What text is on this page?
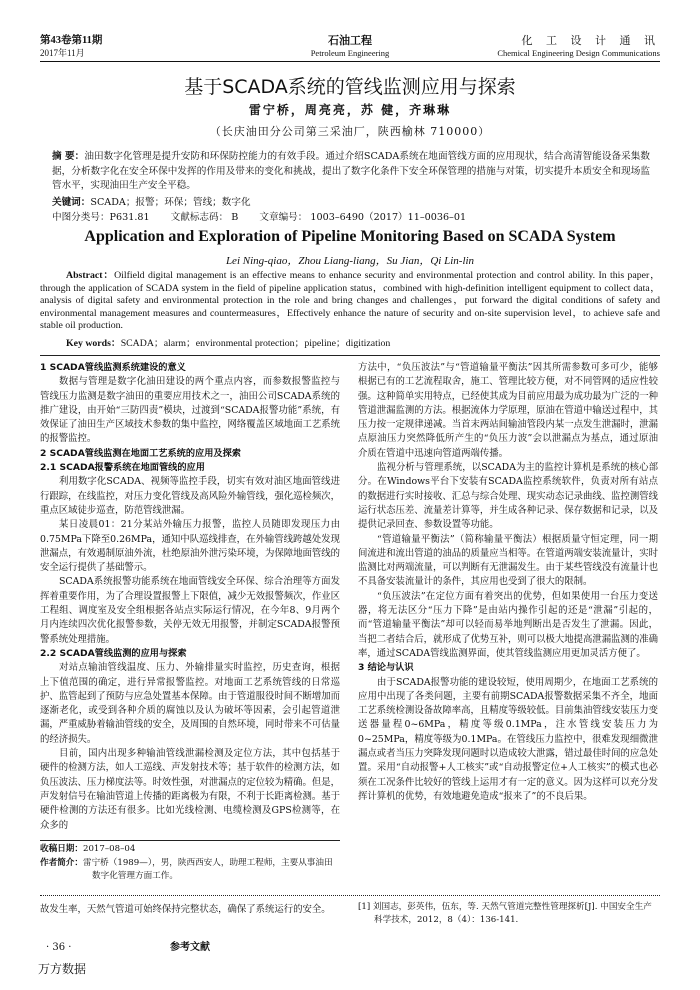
第43卷第11期
2017年11月
石油工程
Petroleum Engineering
化 工 设 计 通 讯
Chemical Engineering Design Communications
基于SCADA系统的管线监测应用与探索
雷宁桥，周亮亮，苏 健，齐琳琳
（长庆油田分公司第三采油厂，陕西榆林 710000）
摘 要：油田数字化管理是提升安防和环保防控能力的有效手段。通过介绍SCADA系统在地面管线方面的应用现状，结合高清智能设备采集数据，分析数字化在安全环保中发挥的作用及带来的变化和挑战，提出了数字化条件下安全环保管理的措施与对策，切实提升本质安全和现场监管水平，实现油田生产安全平稳。
关键词：SCADA；报警；环保；管线；数字化
中图分类号：P631.81 文献标志码： B 文章编号： 1003–6490（2017）11–0036–01
Application and Exploration of Pipeline Monitoring Based on SCADA System
Lei Ning-qiao，Zhou Liang-liang，Su Jian，Qi Lin-lin
Abstract：Oilfield digital management is an effective means to enhance security and environmental protection and control ability. In this paper，through the application of SCADA system in the field of pipeline application status，combined with high-definition intelligent equipment to collect data，analysis of digital safety and environmental protection in the role and bring changes and challenges，put forward the digital conditions of safety and environmental management measures and countermeasures，Effectively enhance the nature of security and on-site supervision level，to achieve safe and stable oil production.
Key words：SCADA；alarm；environmental protection；pipeline；digitization

1 SCADA管线监测系统建设的意义

数据与管理是数字化油田建设的两个重点内容，而参数报警监控与管线压力监测是数字油田的重要应用技术之一，油田公司SCADA系统的推广建设，由开始“三防四责”模块，过渡到“SCADA报警功能”系统，有效保证了油田生产区域技术参数的集中监控，网络覆盖区域地面工艺系统的报警监控。

2 SCADA管线监测在地面工艺系统的应用及探索

2.1 SCADA报警系统在地面管线的应用

利用数字化SCADA、视频等监控手段，切实有效对油区地面管线进行跟踪，在线监控，对压力变化管线及高风险外输管线，强化巡检频次，重点区域徒步巡查，防范管线泄漏。

某日凌晨01：21分某站外输压力报警，监控人员随即发现压力由0.75MPa下降至0.26MPa，通知中队巡线排查，在外输管线跨越处发现泄漏点，有效遏制原油外流，杜绝原油外泄污染环境，为保障地面管线的安全运行提供了基础警示。

SCADA系统报警功能系统在地面管线安全环保、综合治理等方面发挥着重要作用，为了合理设置报警上下限值，减少无效报警频次，作业区工程组、调度室及安全组根据各站点实际运行情况，在今年8、9月两个月内连续四次优化报警参数，关停无效无用报警，并制定SCADA报警预警系统处理措施。

2.2 SCADA管线监测的应用与探索

对站点输油管线温度、压力、外输排量实时监控，历史查询，根据上下值范围的确定，进行异常报警监控。对地面工艺系统管线的日常巡护、监管起到了预防与应急处置基本保障。由于管道服役时间不断增加而逐渐老化，或受到各种介质的腐蚀以及认为破坏等因素，会引起管道泄漏，严重威胁着输油管线的安全，及周围的自然环境，同时带来不可估量的经济损失。

目前，国内出现多种输油管线泄漏检测及定位方法，其中包括基于硬件的检测方法，如人工巡线、声发射技术等；基于软件的检测方法，如负压波法、压力梯度法等。时效性强，对泄漏点的定位较为精确。但是，声发射信号在输油管道上传播的距离极为有限，不利于长距离检测。基于硬件检测的方法还有很多。比如光线检测、电缆检测及GPS检测等，在众多的

方法中，“负压波法”与“管道输量平衡法”因其所需参数可多可少，能够根据已有的工艺流程取舍，施工、管理比较方便，对不同管网的适应性较强。这种简单实用特点，已经使其成为目前应用最为成功最为广泛的一种管道泄漏监测的方法。根据流体力学原理，原油在管道中输送过程中，其压力按一定规律递减。当首末两站间输油管段内某一点发生泄漏时，泄漏点原油压力突然降低所产生的“负压力波”会以泄漏点为基点，通过原油介质在管道中迅速向管道两端传播。

监视分析与管理系统，以SCADA为主的监控计算机是系统的核心部分。在Windows平台下安装有SCADA监控系统软件，负责对所有站点的数据进行实时接收、汇总与综合处理、现实动态记录曲线、监控测管线运行状态压差、流量差计算等，并生成各种记录、保存数据和记录，以及提供记录回查、参数设置等功能。

“管道输量平衡法”（简称输量平衡法）根据质量守恒定理，同一期间流进和流出管道的油品的质量应当相等。在管道两端安装流量计，实时监测比对两端流量，可以判断有无泄漏发生。由于某些管线没有流量计也不具备安装流量计的条件，其应用也受到了很大的限制。

“负压波法”在定位方面有着突出的优势，但如果使用一台压力变送器，将无法区分“压力下降”是由站内操作引起的还是“泄漏”引起的，而“管道输量平衡法”却可以轻而易举地判断出是否发生了泄漏。因此，当把二者结合后，就形成了优势互补，则可以极大地提高泄漏监测的准确率，通过SCADA管线监测界面，使其管线监测应用更加灵活方便了。

3 结论与认识

由于SCADA报警功能的建设较短，使用周期少，在地面工艺系统的应用中出现了各类问题，主要有前期SCADA报警数据采集不齐全，地面工艺系统检测设备故障率高，且精度等级较低。目前集油管线安装压力变送器量程0~6MPa，精度等级0.1MPa，注水管线安装压力为0~25MPa，精度等级为0.1MPa。在管线压力监控中，很难发现细微泄漏点或者当压力突降发现问题时以造成较大泄露，错过最佳时间的应急处置。采用“自动报警+人工核实”或“自动报警定位+人工核实”的模式也必须在工况条件比较好的管线上运用才有一定的意义。因为这样可以充分发挥计算机的优势，有效地避免造成“报来了”的不良后果。

收稿日期：2017–08–04
作者简介：雷宁桥（1989—），男，陕西西安人，助理工程师，主要从事油田数字化管理方面工作。
故发生率，天然气管道可始终保持完整状态，确保了系统运行的安全。
参考文献
[1] 刘国志，彭英伟，伍东，等. 天然气管道完整性管理探析[J]. 中国安全生产科学技术，2012，8（4）：136-141.
· 36 ·
万方数据
